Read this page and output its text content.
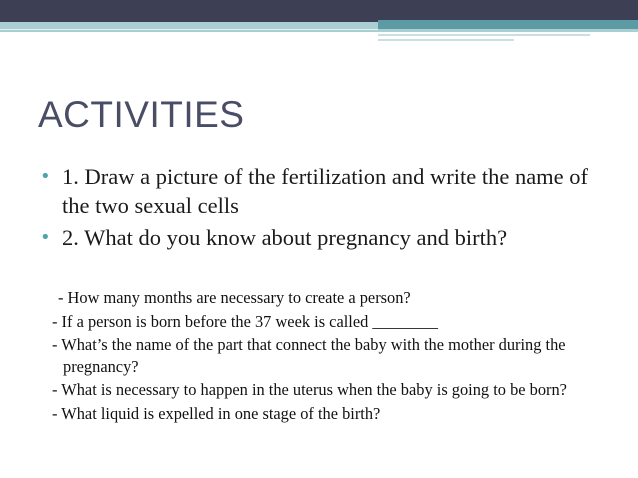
ACTIVITIES
• 1. Draw a picture of the fertilization and write the name of the two sexual cells
• 2. What do you know about pregnancy and birth?
- How many months are necessary to create a person?
- If a person is born before the 37 week is called ________
- What’s the name of the part that connect the baby with the mother during the pregnancy?
- What is necessary to happen in the uterus when the baby is going to be born?
- What liquid is expelled in one stage of the birth?
